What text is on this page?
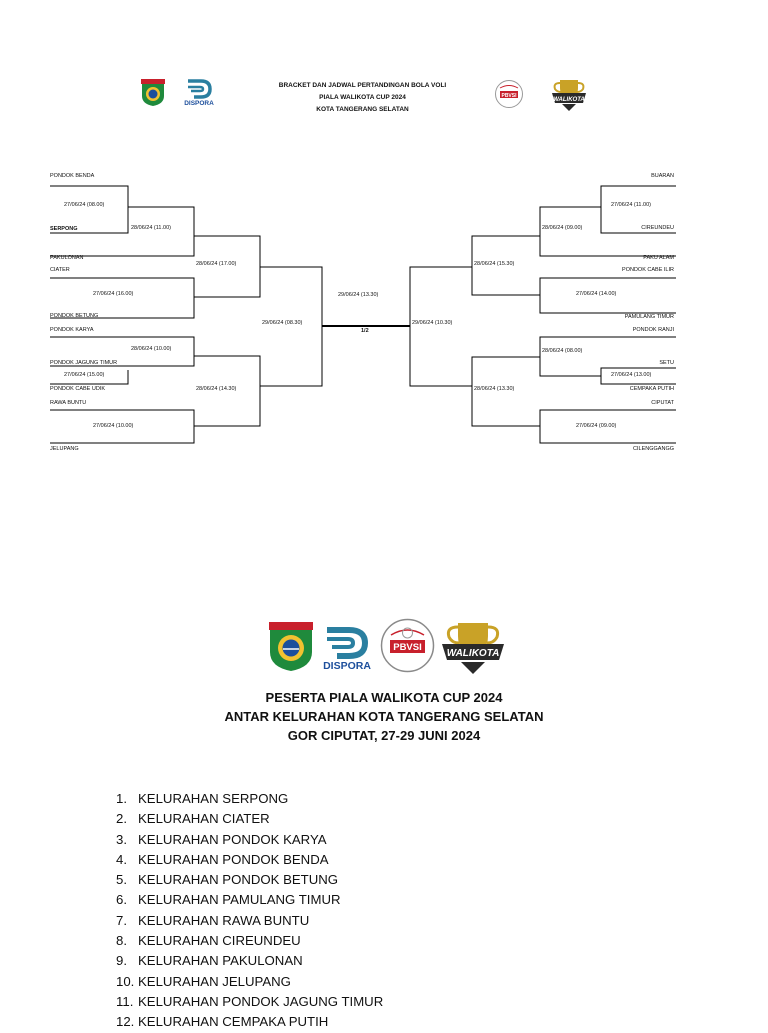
DISPORA
BRACKET DAN JADWAL PERTANDINGAN BOLA VOLI
PIALA WALIKOTA CUP 2024
KOTA TANGERANG SELATAN
PBVSI
WALIKOTA
PONDOK BENDA
SERPONG
PAKULONAN
CIATER
PONDOK BETUNG
PONDOK KARYA
PONDOK JAGUNG TIMUR
PONDOK CABE UDIK
RAWA BUNTU
JELUPANG
27/06/24 (08.00)
28/06/24 (11.00)
28/06/24 (17.00)
27/06/24 (16.00)
29/06/24 (08.30)
28/06/24 (10.00)
27/06/24 (15.00)
28/06/24 (14.30)
27/06/24 (10.00)
29/06/24 (13.30)
1/2
BUARAN
CIREUNDEU
PAKU ALAM
PONDOK CABE ILIR
PAMULANG TIMUR
PONDOK RANJI
SETU
CEMPAKA PUTIH
CIPUTAT
CILENGGANGG
27/06/24 (11.00)
28/06/24 (09.00)
28/06/24 (15.30)
27/06/24 (14.00)
29/06/24 (10.30)
28/06/24 (08.00)
27/06/24 (13.00)
28/06/24 (13.30)
27/06/24 (09.00)
DISPORA
PBVSI
WALIKOTA
PESERTA PIALA WALIKOTA CUP 2024
ANTAR KELURAHAN KOTA TANGERANG SELATAN
GOR CIPUTAT, 27-29 JUNI 2024
1. KELURAHAN SERPONG
2. KELURAHAN CIATER
3. KELURAHAN PONDOK KARYA
4. KELURAHAN PONDOK BENDA
5. KELURAHAN PONDOK BETUNG
6. KELURAHAN PAMULANG TIMUR
7. KELURAHAN RAWA BUNTU
8. KELURAHAN CIREUNDEU
9. KELURAHAN PAKULONAN
10. KELURAHAN JELUPANG
11. KELURAHAN PONDOK JAGUNG TIMUR
12. KELURAHAN CEMPAKA PUTIH
